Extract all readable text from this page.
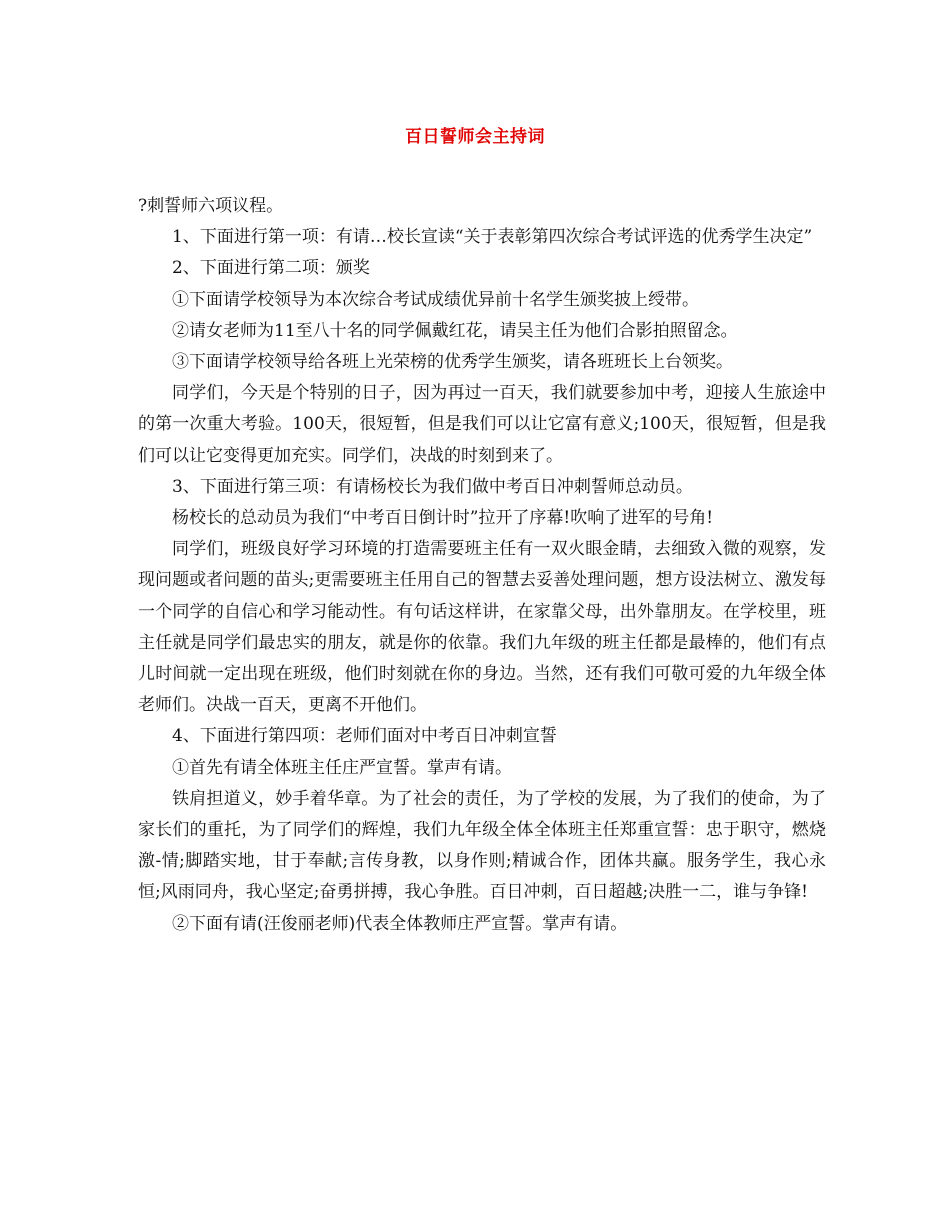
百日誓师会主持词

?刺誓师六项议程。

1、下面进行第一项：有请…校长宣读“关于表彰第四次综合考试评选的优秀学生决定”

2、下面进行第二项：颁奖

①下面请学校领导为本次综合考试成绩优异前十名学生颁奖披上绶带。

②请女老师为11至八十名的同学佩戴红花，请吴主任为他们合影拍照留念。

③下面请学校领导给各班上光荣榜的优秀学生颁奖，请各班班长上台领奖。

同学们，今天是个特别的日子，因为再过一百天，我们就要参加中考，迎接人生旅途中的第一次重大考验。100天，很短暂，但是我们可以让它富有意义;100天，很短暂，但是我们可以让它变得更加充实。同学们，决战的时刻到来了。

3、下面进行第三项：有请杨校长为我们做中考百日冲刺誓师总动员。

杨校长的总动员为我们“中考百日倒计时”拉开了序幕!吹响了进军的号角!

同学们，班级良好学习环境的打造需要班主任有一双火眼金睛，去细致入微的观察，发现问题或者问题的苗头;更需要班主任用自己的智慧去妥善处理问题，想方设法树立、激发每一个同学的自信心和学习能动性。有句话这样讲，在家靠父母，出外靠朋友。在学校里，班主任就是同学们最忠实的朋友，就是你的依靠。我们九年级的班主任都是最棒的，他们有点儿时间就一定出现在班级，他们时刻就在你的身边。当然，还有我们可敬可爱的九年级全体老师们。决战一百天，更离不开他们。

4、下面进行第四项：老师们面对中考百日冲刺宣誓

①首先有请全体班主任庄严宣誓。掌声有请。

铁肩担道义，妙手着华章。为了社会的责任，为了学校的发展，为了我们的使命，为了家长们的重托，为了同学们的辉煌，我们九年级全体全体班主任郑重宣誓：忠于职守，燃烧激-情;脚踏实地，甘于奉献;言传身教，以身作则;精诚合作，团体共赢。服务学生，我心永恒;风雨同舟，我心坚定;奋勇拼搏，我心争胜。百日冲刺，百日超越;决胜一二，谁与争锋!

②下面有请(汪俊丽老师)代表全体教师庄严宣誓。掌声有请。
